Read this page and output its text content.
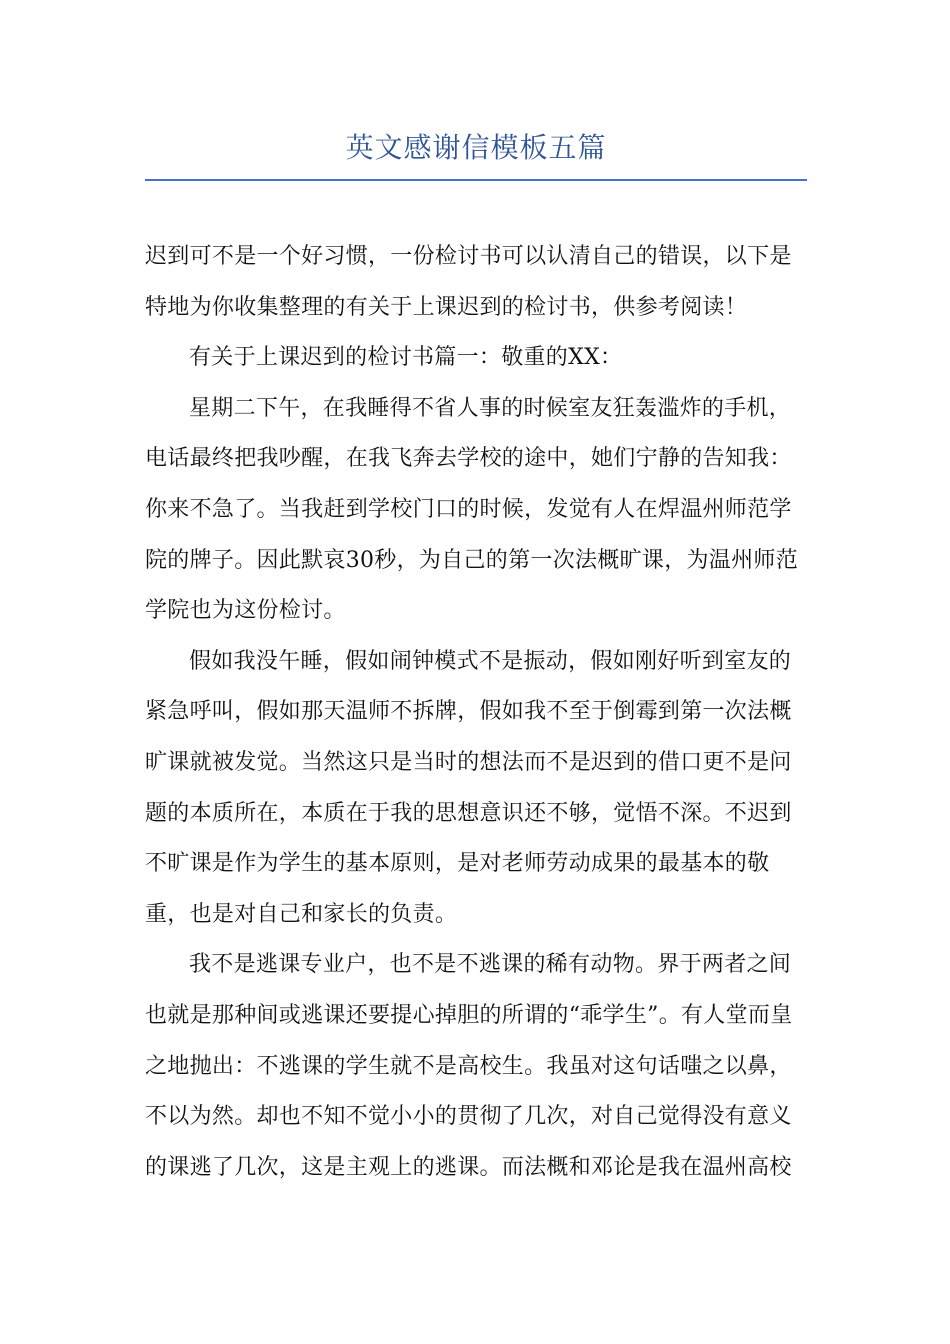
英文感谢信模板五篇

迟到可不是一个好习惯，一份检讨书可以认清自己的错误，以下是特地为你收集整理的有关于上课迟到的检讨书，供参考阅读！

有关于上课迟到的检讨书篇一：敬重的XX：

星期二下午，在我睡得不省人事的时候室友狂轰滥炸的手机，电话最终把我吵醒，在我飞奔去学校的途中，她们宁静的告知我：你来不急了。当我赶到学校门口的时候，发觉有人在焊温州师范学院的牌子。因此默哀30秒，为自己的第一次法概旷课，为温州师范学院也为这份检讨。

假如我没午睡，假如闹钟模式不是振动，假如刚好听到室友的紧急呼叫，假如那天温师不拆牌，假如我不至于倒霉到第一次法概旷课就被发觉。当然这只是当时的想法而不是迟到的借口更不是问题的本质所在，本质在于我的思想意识还不够，觉悟不深。不迟到不旷课是作为学生的基本原则，是对老师劳动成果的最基本的敬重，也是对自己和家长的负责。

我不是逃课专业户，也不是不逃课的稀有动物。界于两者之间也就是那种间或逃课还要提心掉胆的所谓的“乖学生”。有人堂而皇之地抛出：不逃课的学生就不是高校生。我虽对这句话嗤之以鼻，不以为然。却也不知不觉小小的贯彻了几次，对自己觉得没有意义的课逃了几次，这是主观上的逃课。而法概和邓论是我在温州高校
